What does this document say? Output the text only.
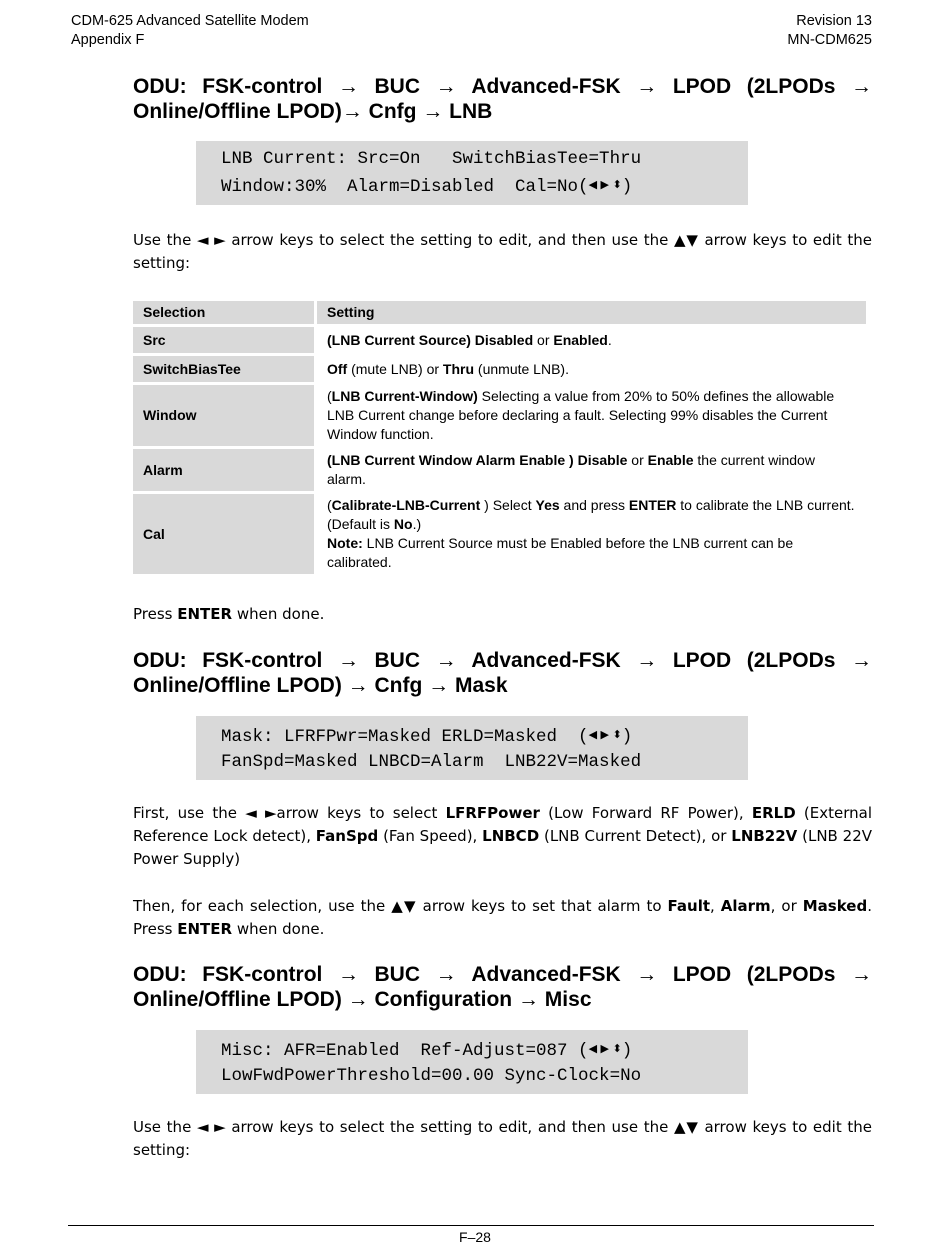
CDM-625 Advanced Satellite Modem
Appendix F
Revision 13
MN-CDM625
ODU: FSK-control → BUC → Advanced-FSK → LPOD (2LPODs → Online/Offline LPOD)→ Cnfg → LNB
LNB Current: Src=On   SwitchBiasTee=Thru
Window:30%  Alarm=Disabled  Cal=No(◀ ▶ ⬍)
Use the ◄ ► arrow keys to select the setting to edit, and then use the ▲▼ arrow keys to edit the setting:
Selection	Setting
Src	(LNB Current Source) Disabled or Enabled.
SwitchBiasTee	Off (mute LNB) or Thru (unmute LNB).
Window	(LNB Current-Window) Selecting a value from 20% to 50% defines the allowable LNB Current change before declaring a fault. Selecting 99% disables the Current Window function.
Alarm	(LNB Current Window Alarm Enable ) Disable or Enable the current window alarm.
Cal	(Calibrate-LNB-Current ) Select Yes and press ENTER to calibrate the LNB current. (Default is No.)
Note: LNB Current Source must be Enabled before the LNB current can be calibrated.
Press ENTER when done.
ODU: FSK-control → BUC → Advanced-FSK → LPOD (2LPODs → Online/Offline LPOD) → Cnfg → Mask
Mask: LFRFPwr=Masked ERLD=Masked  (◀ ▶ ⬍)
FanSpd=Masked LNBCD=Alarm  LNB22V=Masked
First, use the ◄ ►arrow keys to select LFRFPower (Low Forward RF Power), ERLD (External Reference Lock detect), FanSpd (Fan Speed), LNBCD (LNB Current Detect), or LNB22V (LNB 22V Power Supply)
Then, for each selection, use the ▲▼ arrow keys to set that alarm to Fault, Alarm, or Masked. Press ENTER when done.
ODU: FSK-control → BUC → Advanced-FSK → LPOD (2LPODs → Online/Offline LPOD) → Configuration → Misc
Misc: AFR=Enabled  Ref-Adjust=087 (◀ ▶ ⬍)
LowFwdPowerThreshold=00.00 Sync-Clock=No
Use the ◄ ► arrow keys to select the setting to edit, and then use the ▲▼ arrow keys to edit the setting:
F–28
